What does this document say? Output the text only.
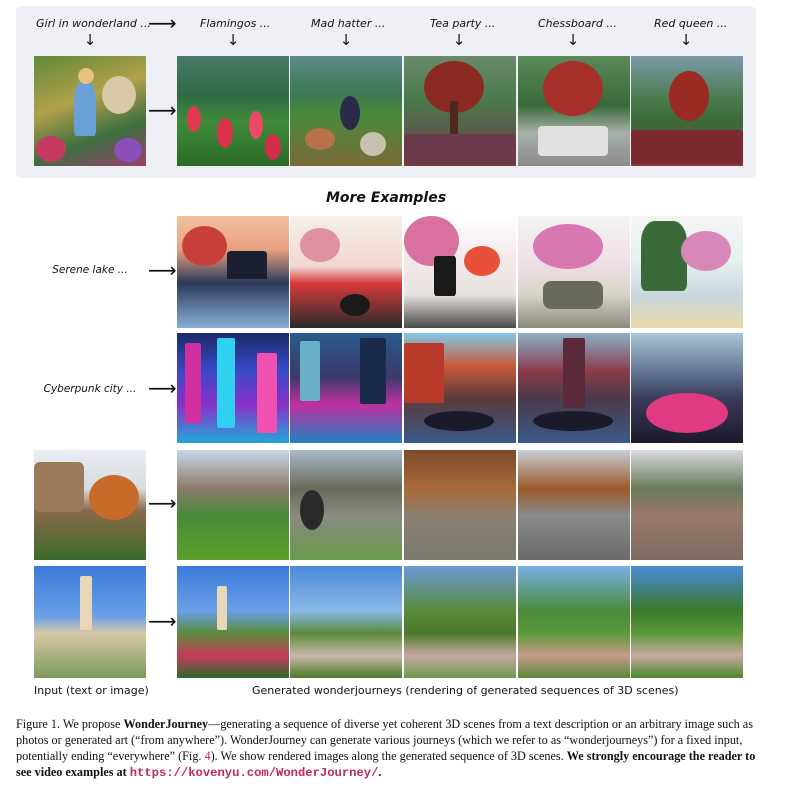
Girl in wonderland ...	Flamingos ...	Mad hatter ...	Tea party ...	Chessboard ...	Red queen ...
↓
⟶
↓	↓	↓	↓	↓
⟶
More Examples
Serene lake ...	⟶
Cyberpunk city ... ⟶
⟶
⟶
Input (text or image)	Generated wonderjourneys (rendering of generated sequences of 3D scenes)
Figure 1. We propose WonderJourney—generating a sequence of diverse yet coherent 3D scenes from a text description or an arbitrary image such as photos or generated art (“from anywhere”). WonderJourney can generate various journeys (which we refer to as “wonderjourneys”) for a fixed input, potentially ending “everywhere” (Fig. 4). We show rendered images along the generated sequence of 3D scenes. We strongly encourage the reader to see video examples at https://kovenyu.com/WonderJourney/.
